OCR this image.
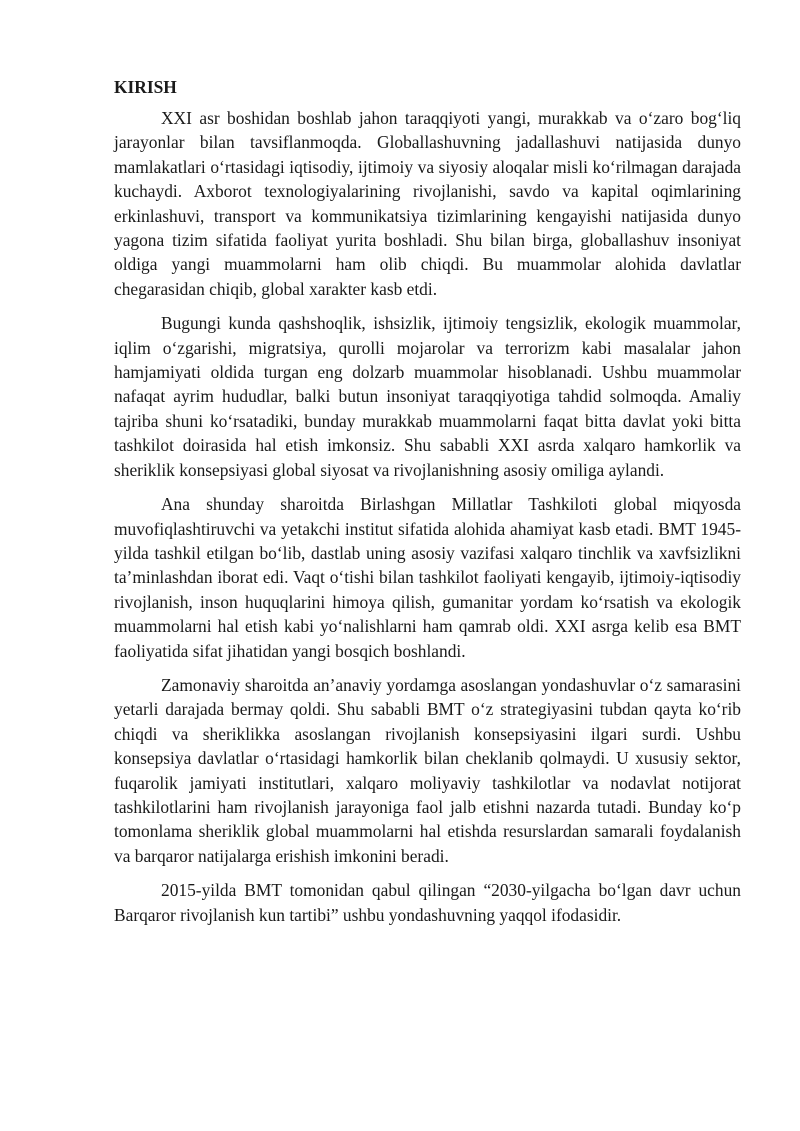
KIRISH

XXI asr boshidan boshlab jahon taraqqiyoti yangi, murakkab va o‘zaro bog‘liq jarayonlar bilan tavsiflanmoqda. Globallashuvning jadallashuvi natijasida dunyo mamlakatlari o‘rtasidagi iqtisodiy, ijtimoiy va siyosiy aloqalar misli ko‘rilmagan darajada kuchaydi. Axborot texnologiyalarining rivojlanishi, savdo va kapital oqimlarining erkinlashuvi, transport va kommunikatsiya tizimlarining kengayishi natijasida dunyo yagona tizim sifatida faoliyat yurita boshladi. Shu bilan birga, globallashuv insoniyat oldiga yangi muammolarni ham olib chiqdi. Bu muammolar alohida davlatlar chegarasidan chiqib, global xarakter kasb etdi.

Bugungi kunda qashshoqlik, ishsizlik, ijtimoiy tengsizlik, ekologik muammolar, iqlim o‘zgarishi, migratsiya, qurolli mojarolar va terrorizm kabi masalalar jahon hamjamiyati oldida turgan eng dolzarb muammolar hisoblanadi. Ushbu muammolar nafaqat ayrim hududlar, balki butun insoniyat taraqqiyotiga tahdid solmoqda. Amaliy tajriba shuni ko‘rsatadiki, bunday murakkab muammolarni faqat bitta davlat yoki bitta tashkilot doirasida hal etish imkonsiz. Shu sababli XXI asrda xalqaro hamkorlik va sheriklik konsepsiyasi global siyosat va rivojlanishning asosiy omiliga aylandi.

Ana shunday sharoitda Birlashgan Millatlar Tashkiloti global miqyosda muvofiqlashtiruvchi va yetakchi institut sifatida alohida ahamiyat kasb etadi. BMT 1945-yilda tashkil etilgan bo‘lib, dastlab uning asosiy vazifasi xalqaro tinchlik va xavfsizlikni ta’minlashdan iborat edi. Vaqt o‘tishi bilan tashkilot faoliyati kengayib, ijtimoiy-iqtisodiy rivojlanish, inson huquqlarini himoya qilish, gumanitar yordam ko‘rsatish va ekologik muammolarni hal etish kabi yo‘nalishlarni ham qamrab oldi. XXI asrga kelib esa BMT faoliyatida sifat jihatidan yangi bosqich boshlandi.

Zamonaviy sharoitda an’anaviy yordamga asoslangan yondashuvlar o‘z samarasini yetarli darajada bermay qoldi. Shu sababli BMT o‘z strategiyasini tubdan qayta ko‘rib chiqdi va sheriklikka asoslangan rivojlanish konsepsiyasini ilgari surdi. Ushbu konsepsiya davlatlar o‘rtasidagi hamkorlik bilan cheklanib qolmaydi. U xususiy sektor, fuqarolik jamiyati institutlari, xalqaro moliyaviy tashkilotlar va nodavlat notijorat tashkilotlarini ham rivojlanish jarayoniga faol jalb etishni nazarda tutadi. Bunday ko‘p tomonlama sheriklik global muammolarni hal etishda resurslardan samarali foydalanish va barqaror natijalarga erishish imkonini beradi.

2015-yilda BMT tomonidan qabul qilingan “2030-yilgacha bo‘lgan davr uchun Barqaror rivojlanish kun tartibi” ushbu yondashuvning yaqqol ifodasidir.
